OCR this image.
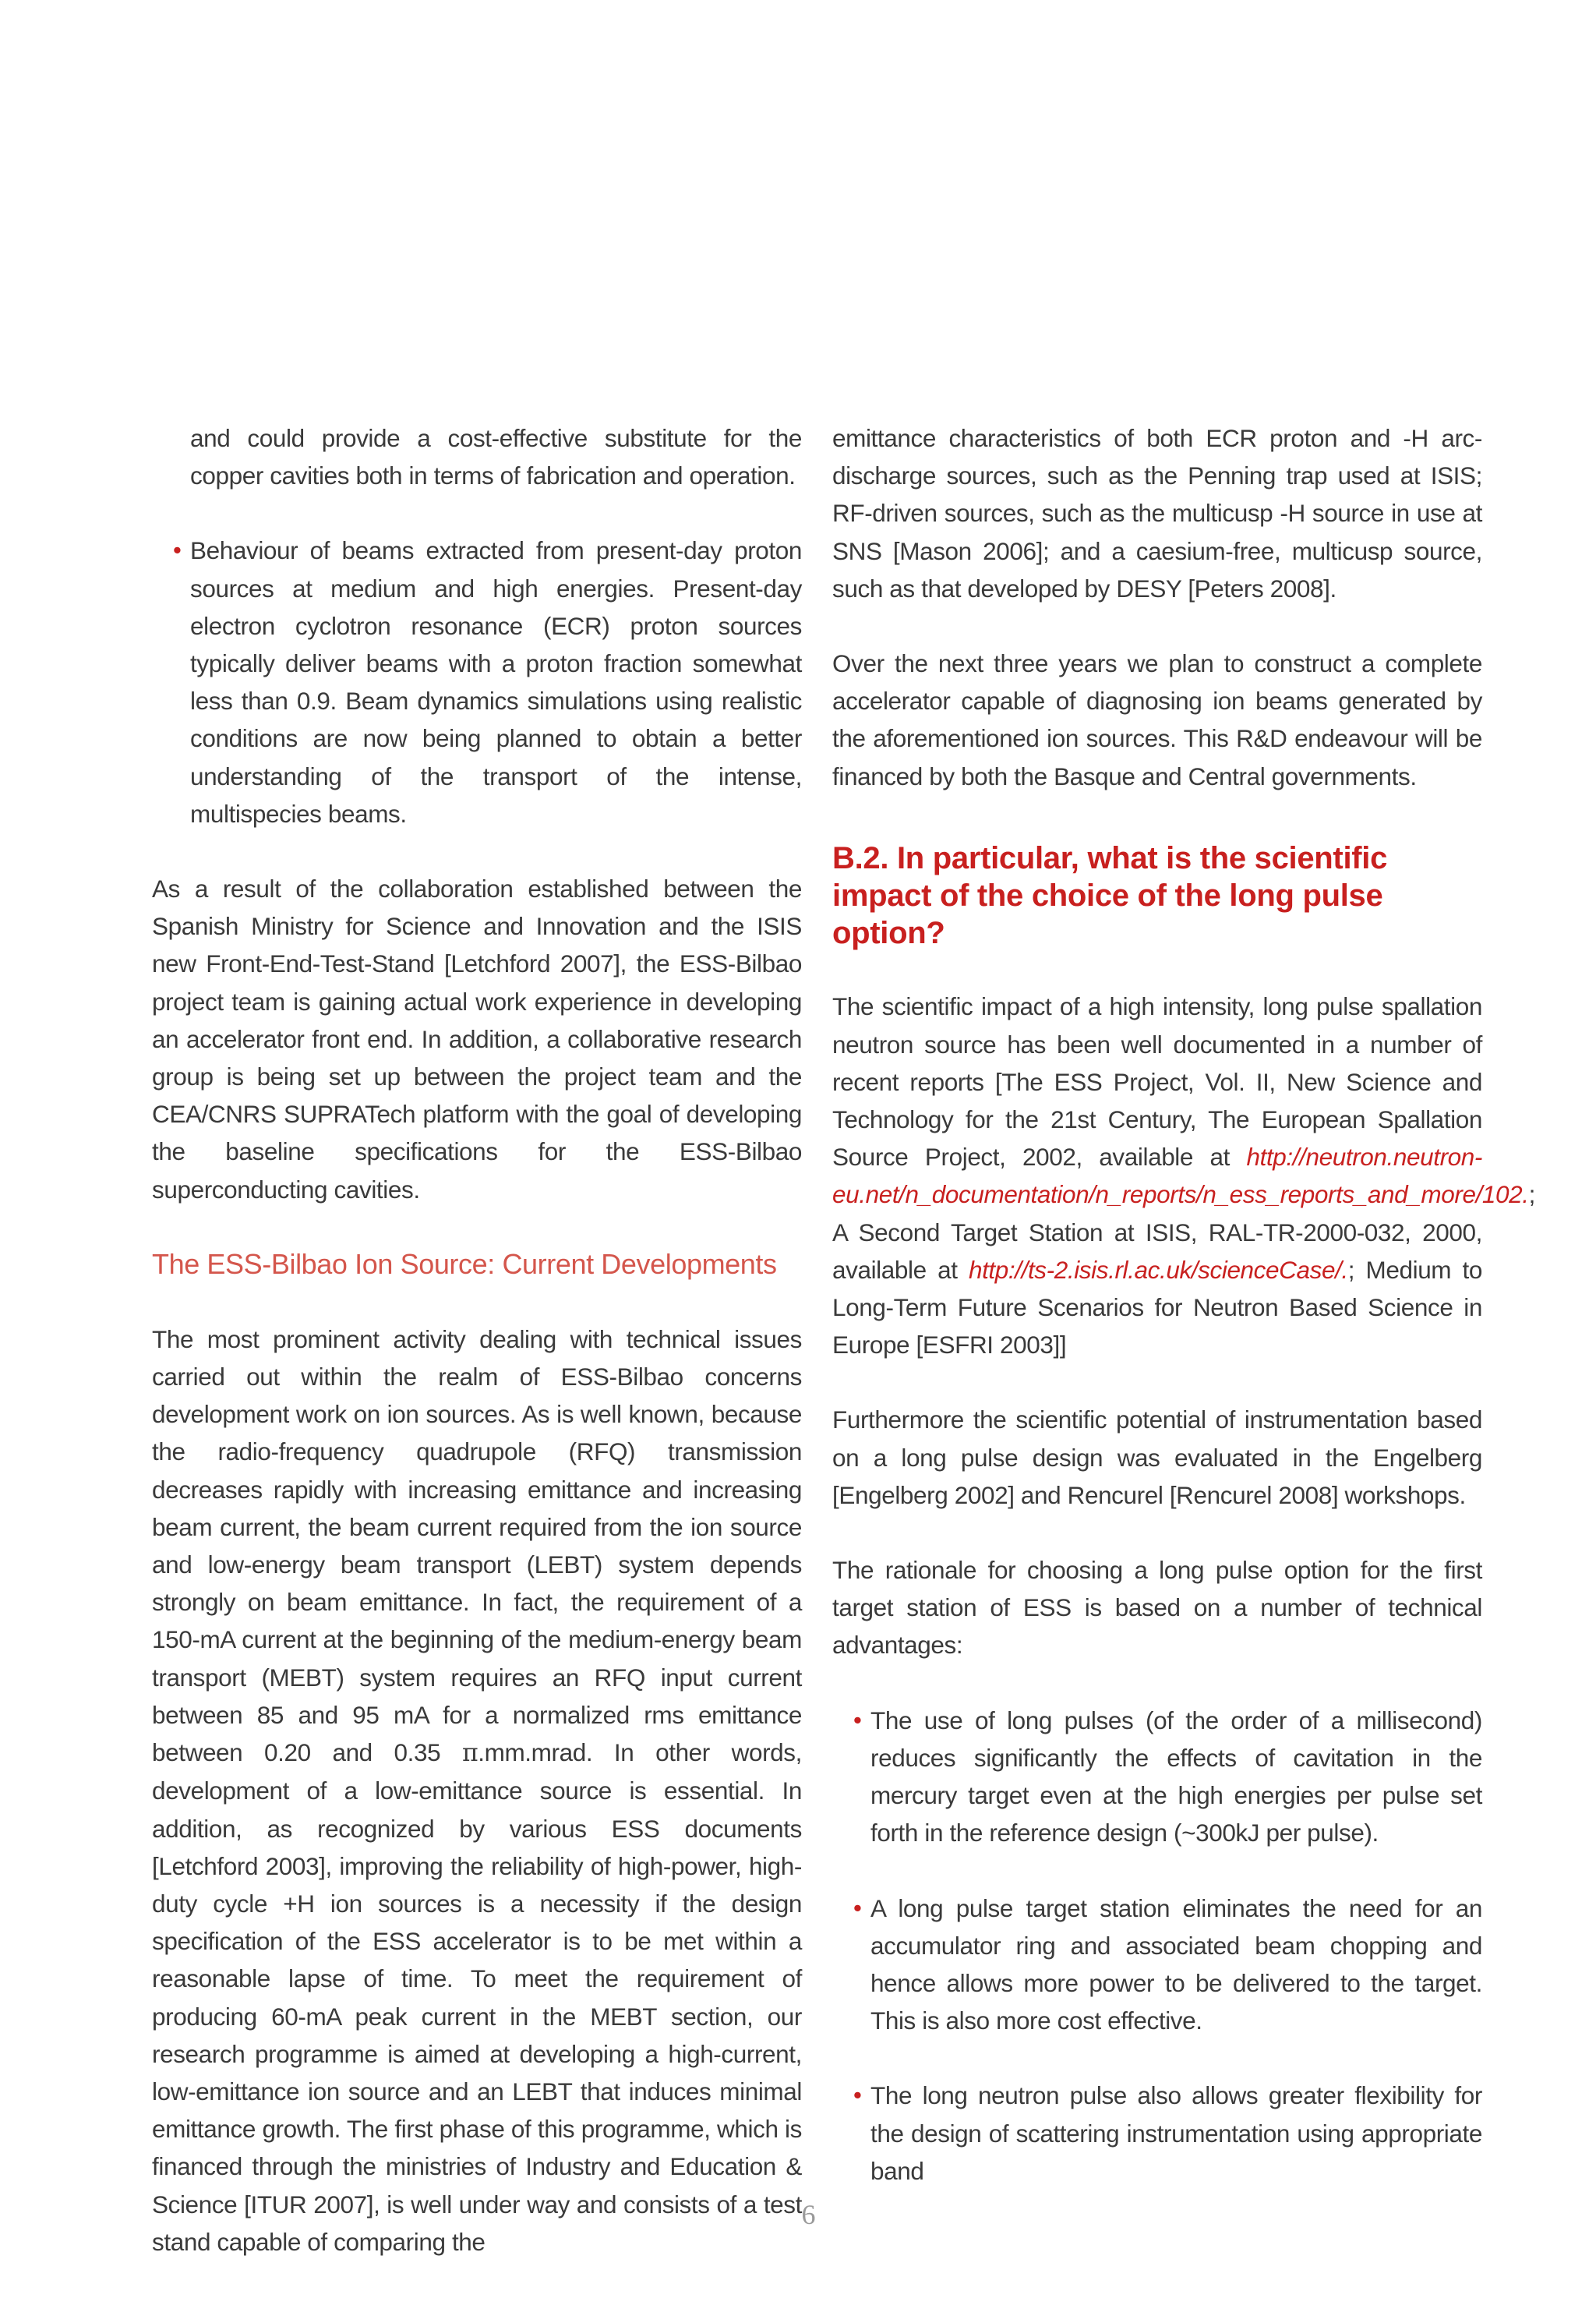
and could provide a cost-effective substitute for the copper cavities both in terms of fabrication and operation.

• Behaviour of beams extracted from present-day proton sources at medium and high energies. Present-day electron cyclotron resonance (ECR) proton sources typically deliver beams with a proton fraction somewhat less than 0.9. Beam dynamics simulations using realistic conditions are now being planned to obtain a better understanding of the transport of the intense, multispecies beams.

As a result of the collaboration established between the Spanish Ministry for Science and Innovation and the ISIS new Front-End-Test-Stand [Letchford 2007], the ESS-Bilbao project team is gaining actual work experience in developing an accelerator front end. In addition, a collaborative research group is being set up between the project team and the CEA/CNRS SUPRATech platform with the goal of developing the baseline specifications for the ESS-Bilbao superconducting cavities.

The ESS-Bilbao Ion Source: Current Developments

The most prominent activity dealing with technical issues carried out within the realm of ESS-Bilbao concerns development work on ion sources. As is well known, because the radio-frequency quadrupole (RFQ) transmission decreases rapidly with increasing emittance and increasing beam current, the beam current required from the ion source and low-energy beam transport (LEBT) system depends strongly on beam emittance. In fact, the requirement of a 150-mA current at the beginning of the medium-energy beam transport (MEBT) system requires an RFQ input current between 85 and 95 mA for a normalized rms emittance between 0.20 and 0.35 π.mm.mrad. In other words, development of a low-emittance source is essential. In addition, as recognized by various ESS documents [Letchford 2003], improving the reliability of high-power, high-duty cycle +H ion sources is a necessity if the design specification of the ESS accelerator is to be met within a reasonable lapse of time. To meet the requirement of producing 60-mA peak current in the MEBT section, our research programme is aimed at developing a high-current, low-emittance ion source and an LEBT that induces minimal emittance growth. The first phase of this programme, which is financed through the ministries of Industry and Education & Science [ITUR 2007], is well under way and consists of a test stand capable of comparing the

emittance characteristics of both ECR proton and -H arc-discharge sources, such as the Penning trap used at ISIS; RF-driven sources, such as the multicusp -H source in use at SNS [Mason 2006]; and a caesium-free, multicusp source, such as that developed by DESY [Peters 2008].

Over the next three years we plan to construct a complete accelerator capable of diagnosing ion beams generated by the aforementioned ion sources. This R&D endeavour will be financed by both the Basque and Central governments.

B.2. In particular, what is the scientific impact of the choice of the long pulse option?

The scientific impact of a high intensity, long pulse spallation neutron source has been well documented in a number of recent reports [The ESS Project, Vol. II, New Science and Technology for the 21st Century, The European Spallation Source Project, 2002, available at http://neutron.neutron-eu.net/n_documentation/n_reports/n_ess_reports_and_more/102.; A Second Target Station at ISIS, RAL-TR-2000-032, 2000, available at http://ts-2.isis.rl.ac.uk/scienceCase/.; Medium to Long-Term Future Scenarios for Neutron Based Science in Europe [ESFRI 2003]]

Furthermore the scientific potential of instrumentation based on a long pulse design was evaluated in the Engelberg [Engelberg 2002] and Rencurel [Rencurel 2008] workshops.

The rationale for choosing a long pulse option for the first target station of ESS is based on a number of technical advantages:

• The use of long pulses (of the order of a millisecond) reduces significantly the effects of cavitation in the mercury target even at the high energies per pulse set forth in the reference design (~300kJ per pulse).

• A long pulse target station eliminates the need for an accumulator ring and associated beam chopping and hence allows more power to be delivered to the target. This is also more cost effective.

• The long neutron pulse also allows greater flexibility for the design of scattering instrumentation using appropriate band

6
